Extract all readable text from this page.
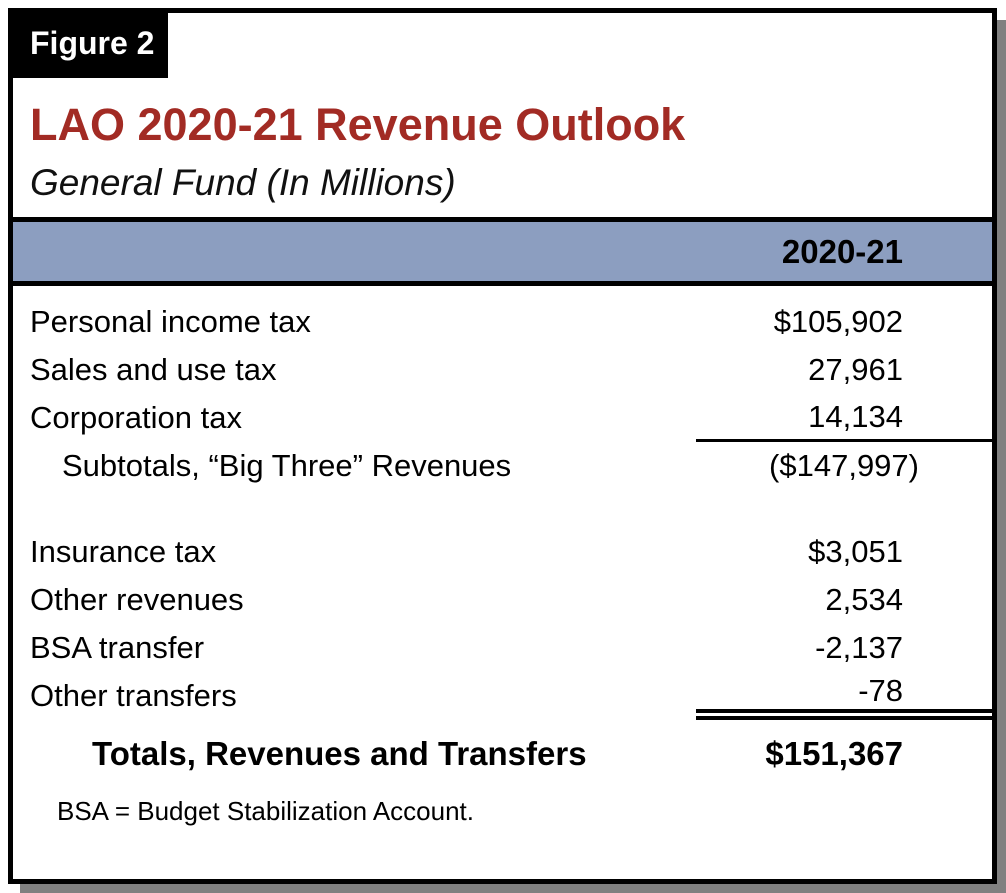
Figure 2
LAO 2020-21 Revenue Outlook
General Fund (In Millions)
2020-21
Personal income tax	$105,902
Sales and use tax	27,961
Corporation tax	14,134
Subtotals, “Big Three” Revenues	($147,997)
Insurance tax	$3,051
Other revenues	2,534
BSA transfer	-2,137
Other transfers	-78
Totals, Revenues and Transfers	$151,367
BSA = Budget Stabilization Account.
